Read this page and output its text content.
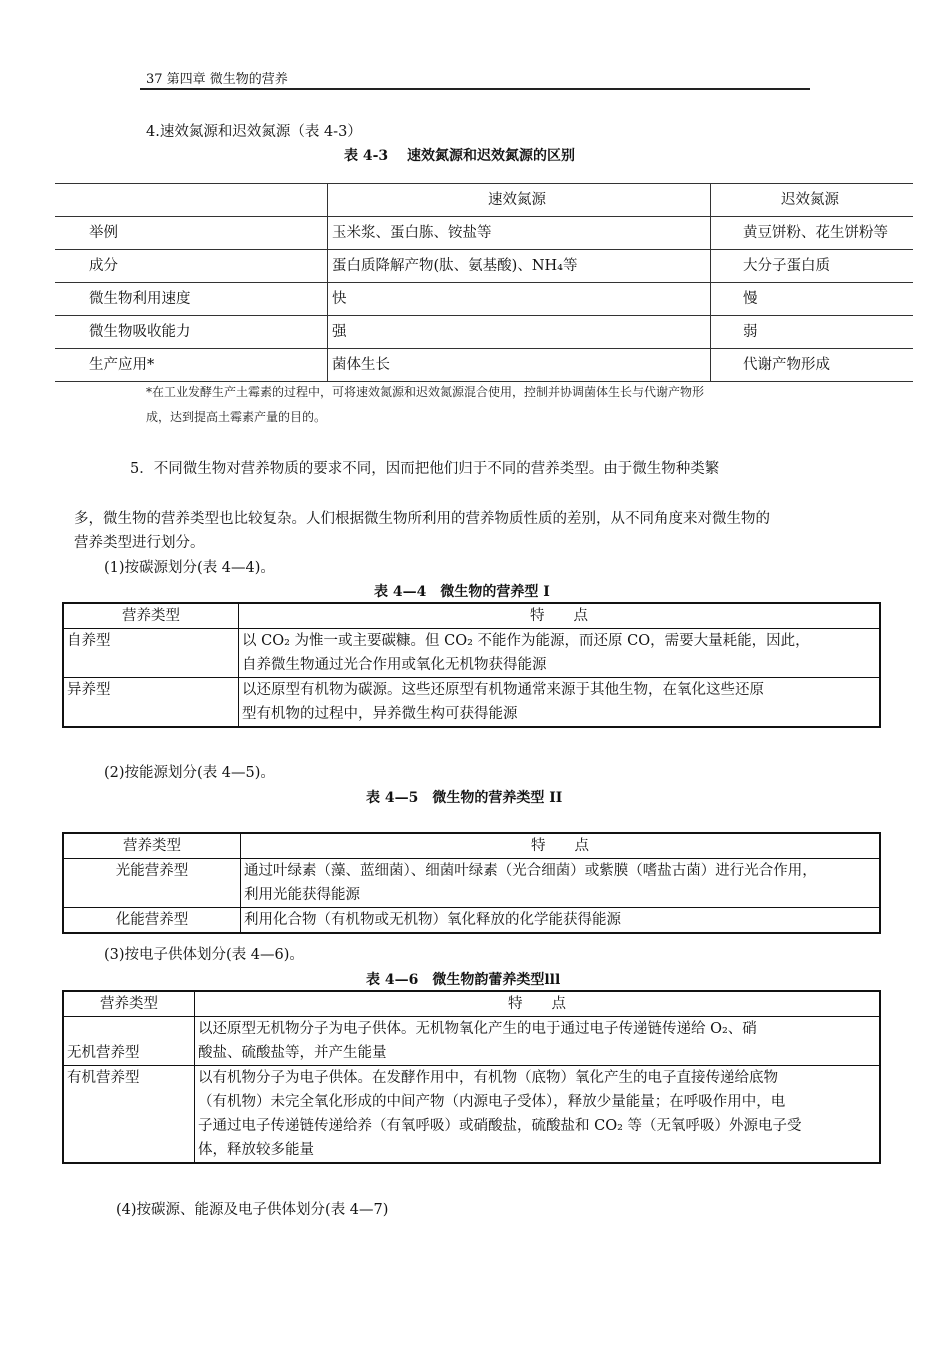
37 第四章 微生物的营养
4.速效氮源和迟效氮源（表 4-3）
表 4-3　 速效氮源和迟效氮源的区别
	速效氮源	迟效氮源
举例	玉米浆、蛋白胨、铵盐等	黄豆饼粉、花生饼粉等
成分	蛋白质降解产物(肽、氨基酸)、NH₄等	大分子蛋白质
微生物利用速度	快	慢
微生物吸收能力	强	弱
生产应用*	菌体生长	代谢产物形成
*在工业发酵生产土霉素的过程中，可将速效氮源和迟效氮源混合使用，控制并协调菌体生长与代谢产物形
成，达到提高土霉素产量的目的。
5．不同微生物对营养物质的要求不同，因而把他们归于不同的营养类型。由于微生物种类繁
多，微生物的营养类型也比较复杂。人们根据微生物所利用的营养物质性质的差别，从不同角度来对微生物的
营养类型进行划分。
(1)按碳源划分(表 4—4)。
表 4—4　微生物的营养型 I
营养类型	特　　点
自养型	以 CO₂ 为惟一或主要碳糠。但 CO₂ 不能作为能源，而还原 CO，需要大量耗能，因此，
自养微生物通过光合作用或氧化无机物获得能源

异养型	以还原型有机物为碳源。这些还原型有机物通常来源于其他生物，在氧化这些还原
型有机物的过程中，异养微生构可获得能源
(2)按能源划分(表 4—5)。
表 4—5　微生物的营养类型 II
营养类型	特　　点
光能营养型	通过叶绿素（藻、蓝细菌）、细菌叶绿素（光合细菌）或紫膜（嗜盐古菌）进行光合作用，
利用光能获得能源

化能营养型	利用化合物（有机物或无机物）氧化释放的化学能获得能源
(3)按电子供体划分(表 4—6)。
表 4—6　微生物韵蕾养类型lll
营养类型	特　　点
无机营养型	以还原型无机物分子为电子供体。无机物氧化产生的电于通过电子传递链传递给 O₂、硝
酸盐、硫酸盐等，并产生能量

有机营养型	以有机物分子为电子供体。在发酵作用中，有机物（底物）氧化产生的电子直接传递给底物
（有机物）未完全氧化形成的中间产物（内源电子受体），释放少量能量；在呼吸作用中，电
子通过电子传递链传递给养（有氧呼吸）或硝酸盐，硫酸盐和 CO₂ 等（无氧呼吸）外源电子受
体，释放较多能量
(4)按碳源、能源及电子供体划分(表 4—7)
